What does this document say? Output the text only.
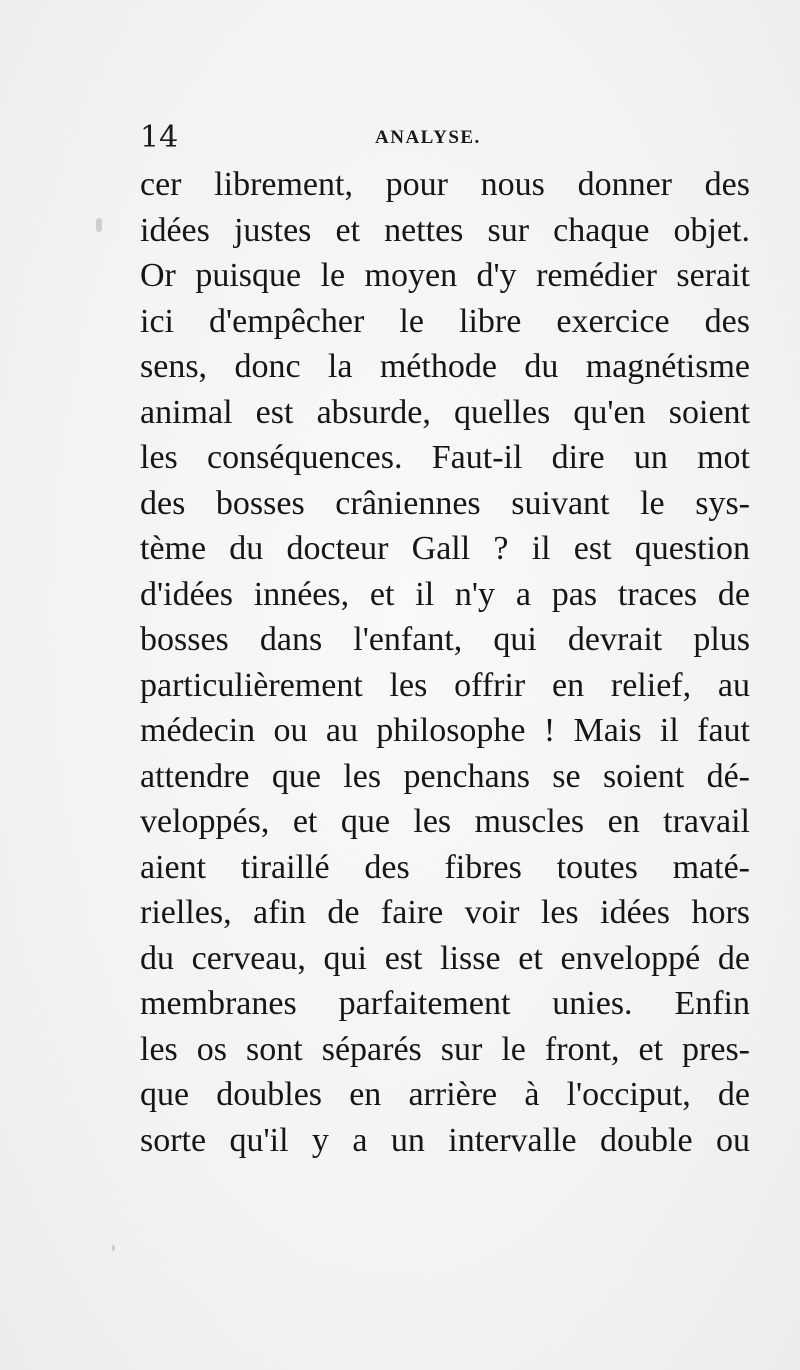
14	ANALYSE.
cer librement, pour nous donner des
idées justes et nettes sur chaque objet.
Or puisque le moyen d'y remédier serait
ici d'empêcher le libre exercice des
sens, donc la méthode du magnétisme
animal est absurde, quelles qu'en soient
les conséquences. Faut-il dire un mot
des bosses crâniennes suivant le sys-
tème du docteur Gall ? il est question
d'idées innées, et il n'y a pas traces de
bosses dans l'enfant, qui devrait plus
particulièrement les offrir en relief, au
médecin ou au philosophe ! Mais il faut
attendre que les penchans se soient dé-
veloppés, et que les muscles en travail
aient tiraillé des fibres toutes maté-
rielles, afin de faire voir les idées hors
du cerveau, qui est lisse et enveloppé de
membranes parfaitement unies. Enfin
les os sont séparés sur le front, et pres-
que doubles en arrière à l'occiput, de
sorte qu'il y a un intervalle double ou
